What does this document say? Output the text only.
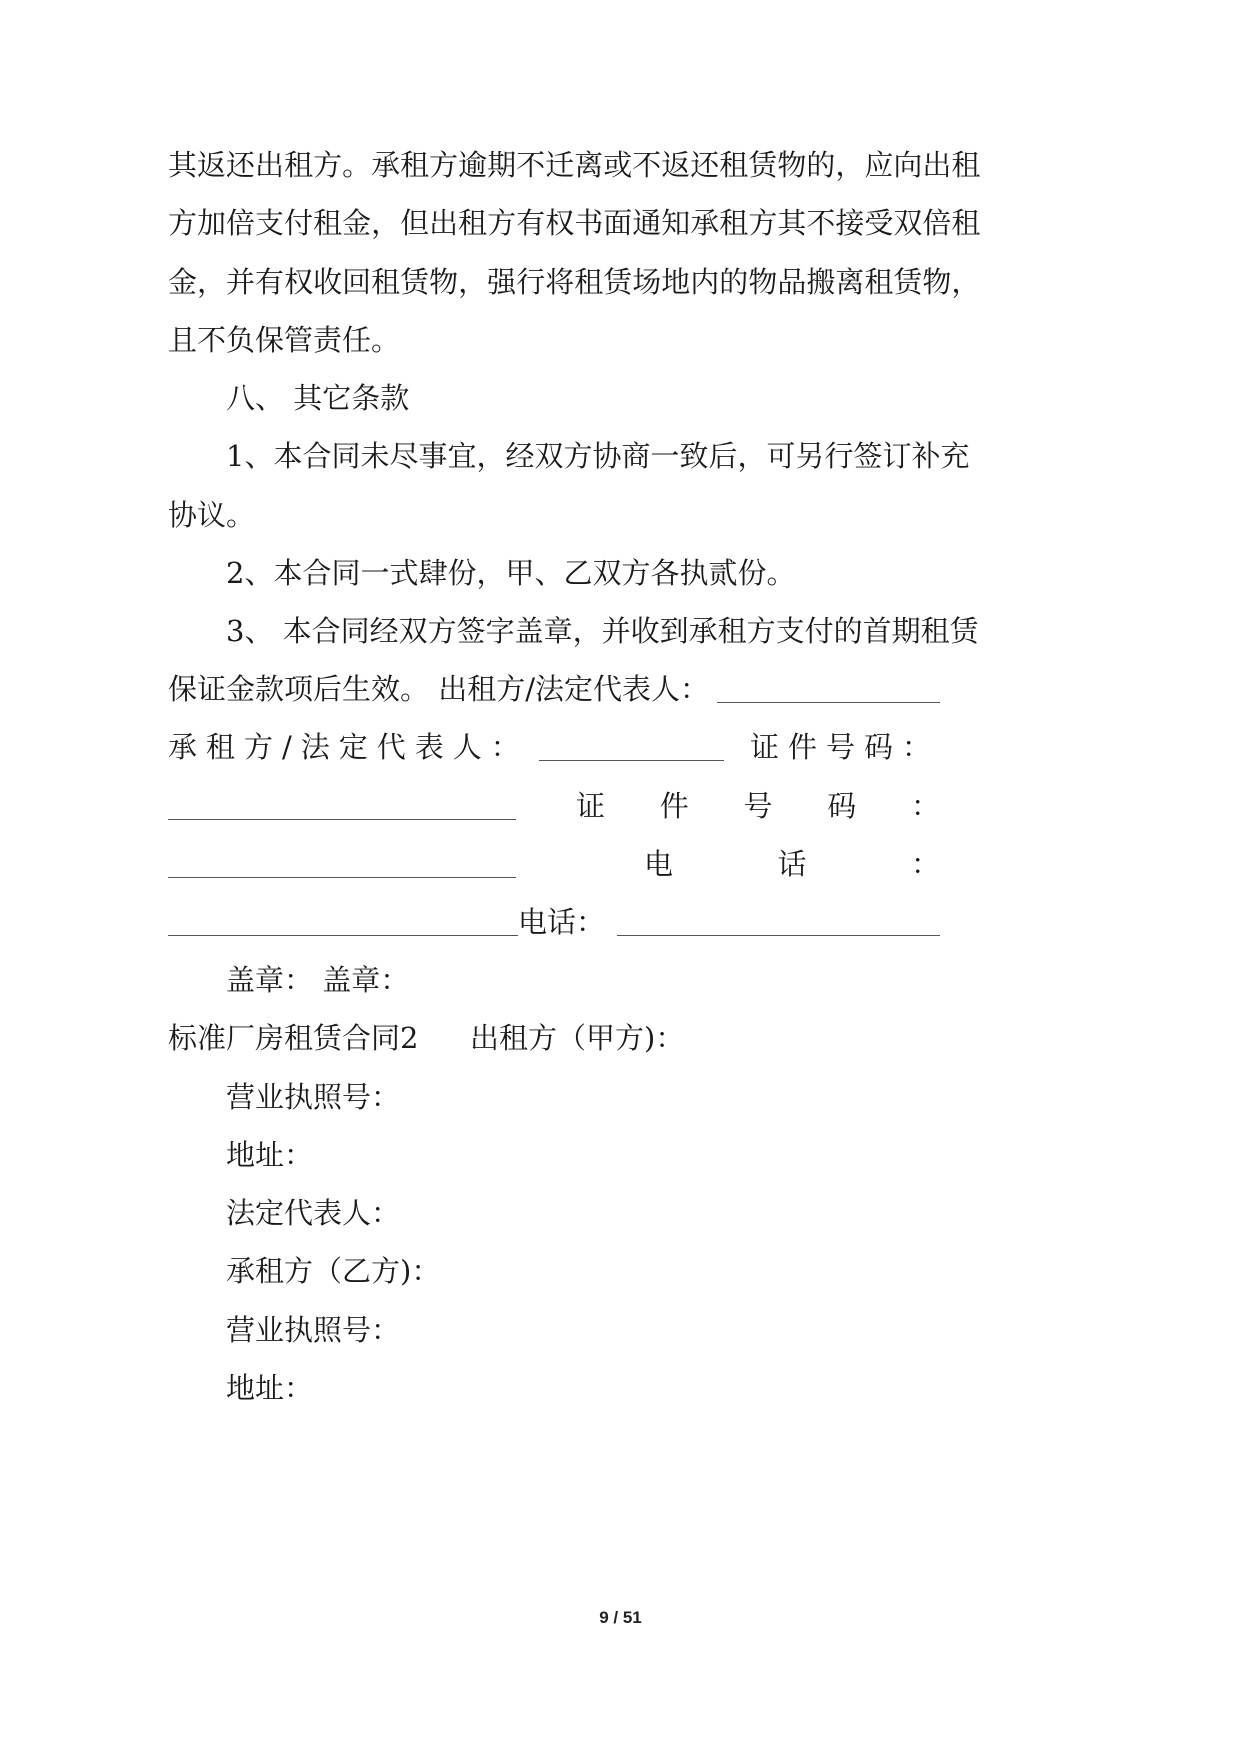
其 返 还 出 租 方 。 承 租 方 逾 期 不 迁 离 或 不 返 还 租 赁 物 的 ， 应 向 出 租
方 加 倍 支 付 租 金 ， 但 出 租 方 有 权 书 面 通 知 承 租 方 其 不 接 受 双 倍 租
金 ， 并 有 权 收 回 租 赁 物 ， 强 行 将 租 赁 场 地 内 的 物 品 搬 离 租 赁 物 ，
且不负保管责任。
八、 其它条款
1、本合同未尽事宜，经双方协商一致后，可另行签订补充
协议。
2、本合同一式肆份，甲、乙双方各执贰份。
3、 本合同经双方签字盖章，并收到承租方支付的首期租赁
保证金款项后生效。 出租方/法定代表人：
承租方/法定代表人：	证件号码：
证 件 号 码 ：
电	话	：
电话：
盖章： 盖章：
标准厂房租赁合同2 出租方（甲方)：
营业执照号：
地址：
法定代表人：
承租方（乙方)：
营业执照号：
地址：
9 / 51
